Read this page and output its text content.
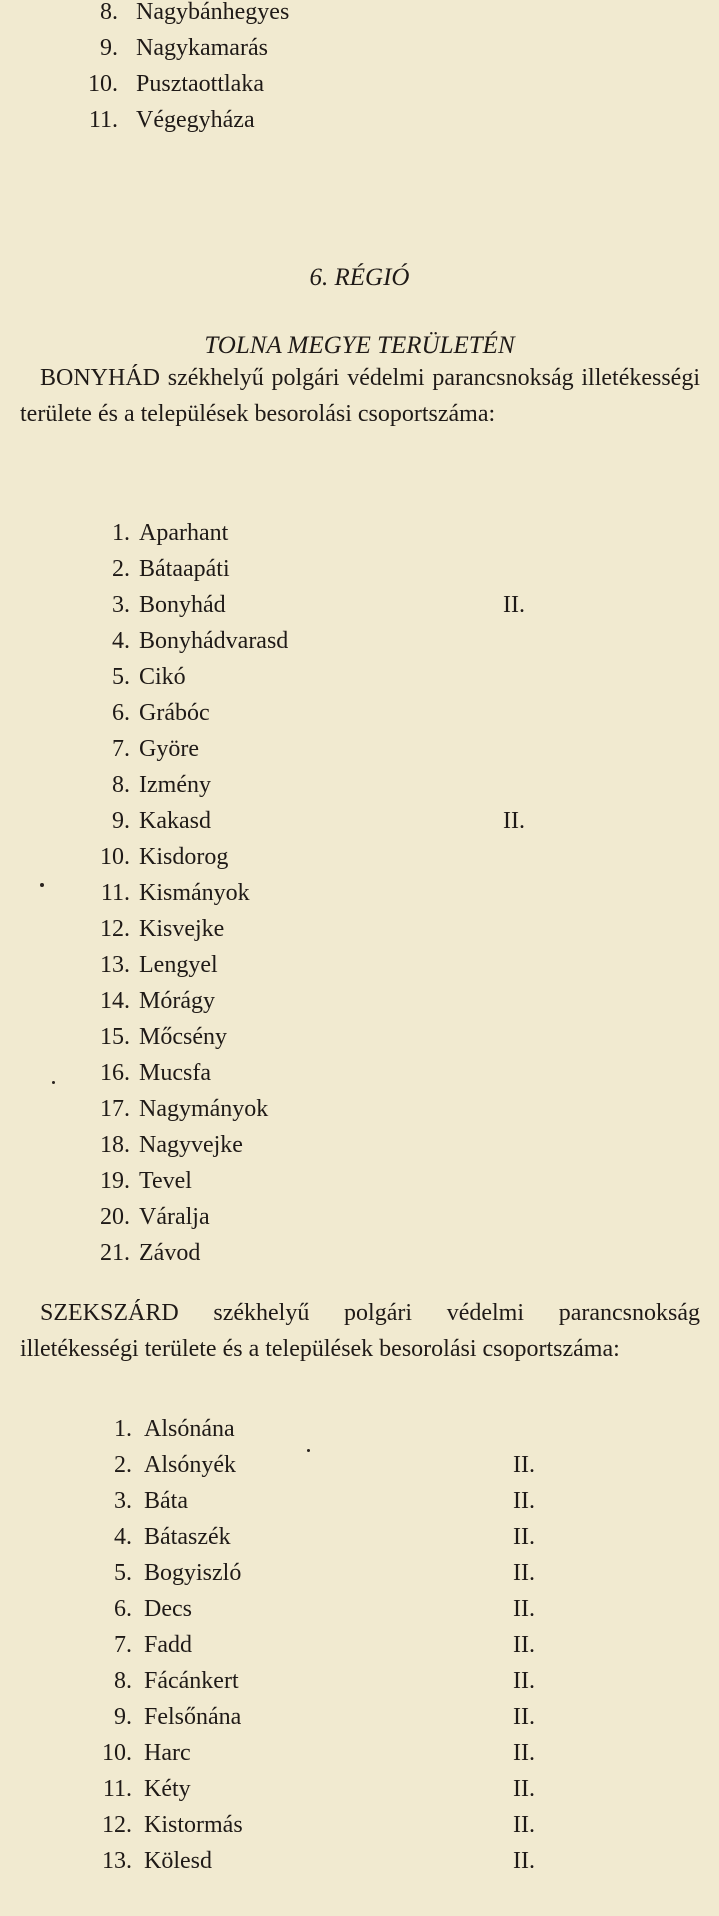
8. Nagybánhegyes
9. Nagykamarás
10. Pusztaottlaka
11. Végegyháza
6. RÉGIÓ
TOLNA MEGYE TERÜLETÉN

BONYHÁD székhelyű polgári védelmi parancsnokság illetékességi területe és a települések besorolási csoportszáma:

1. Aparhant
2. Bátaapáti
3. Bonyhád	II.
4. Bonyhádvarasd
5. Cikó
6. Grábóc
7. Györe
8. Izmény
9. Kakasd	II.
10. Kisdorog
11. Kismányok
12. Kisvejke
13. Lengyel
14. Mórágy
15. Mőcsény
16. Mucsfa
17. Nagymányok
18. Nagyvejke
19. Tevel
20. Váralja
21. Závod

SZEKSZÁRD székhelyű polgári védelmi parancsnokság illetékességi területe és a települések besorolási csoportszáma:

1. Alsónána
2. Alsónyék	II.
3. Báta	II.
4. Bátaszék	II.
5. Bogyiszló	II.
6. Decs	II.
7. Fadd	II.
8. Fácánkert	II.
9. Felsőnána	II.
10. Harc	II.
11. Kéty	II.
12. Kistormás	II.
13. Kölesd	II.
